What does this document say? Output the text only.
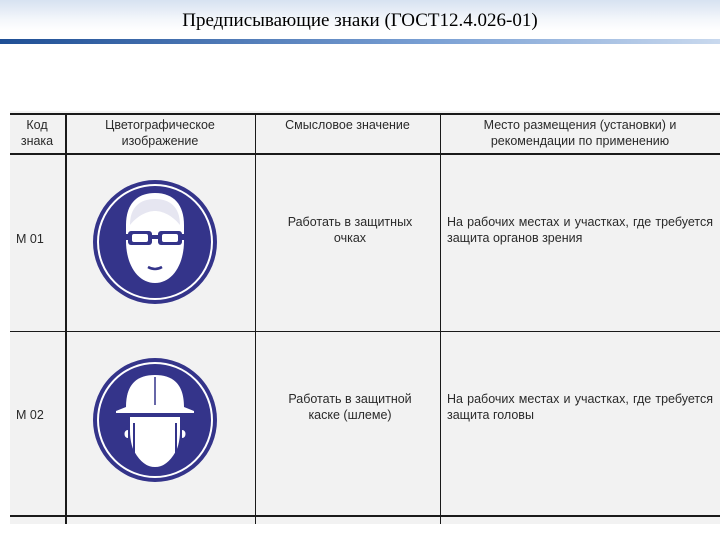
Предписывающие знаки (ГОСТ12.4.026-01)
Код знака
Цветографическое изображение
Смысловое значение	Место размещения (установки) и рекомендации по применению
М 01
Работать в защитных очках
На рабочих местах и участках, где требуется защита органов зрения
М 02
Работать в защитной каске (шлеме)
На рабочих местах и участках, где требуется защита головы
